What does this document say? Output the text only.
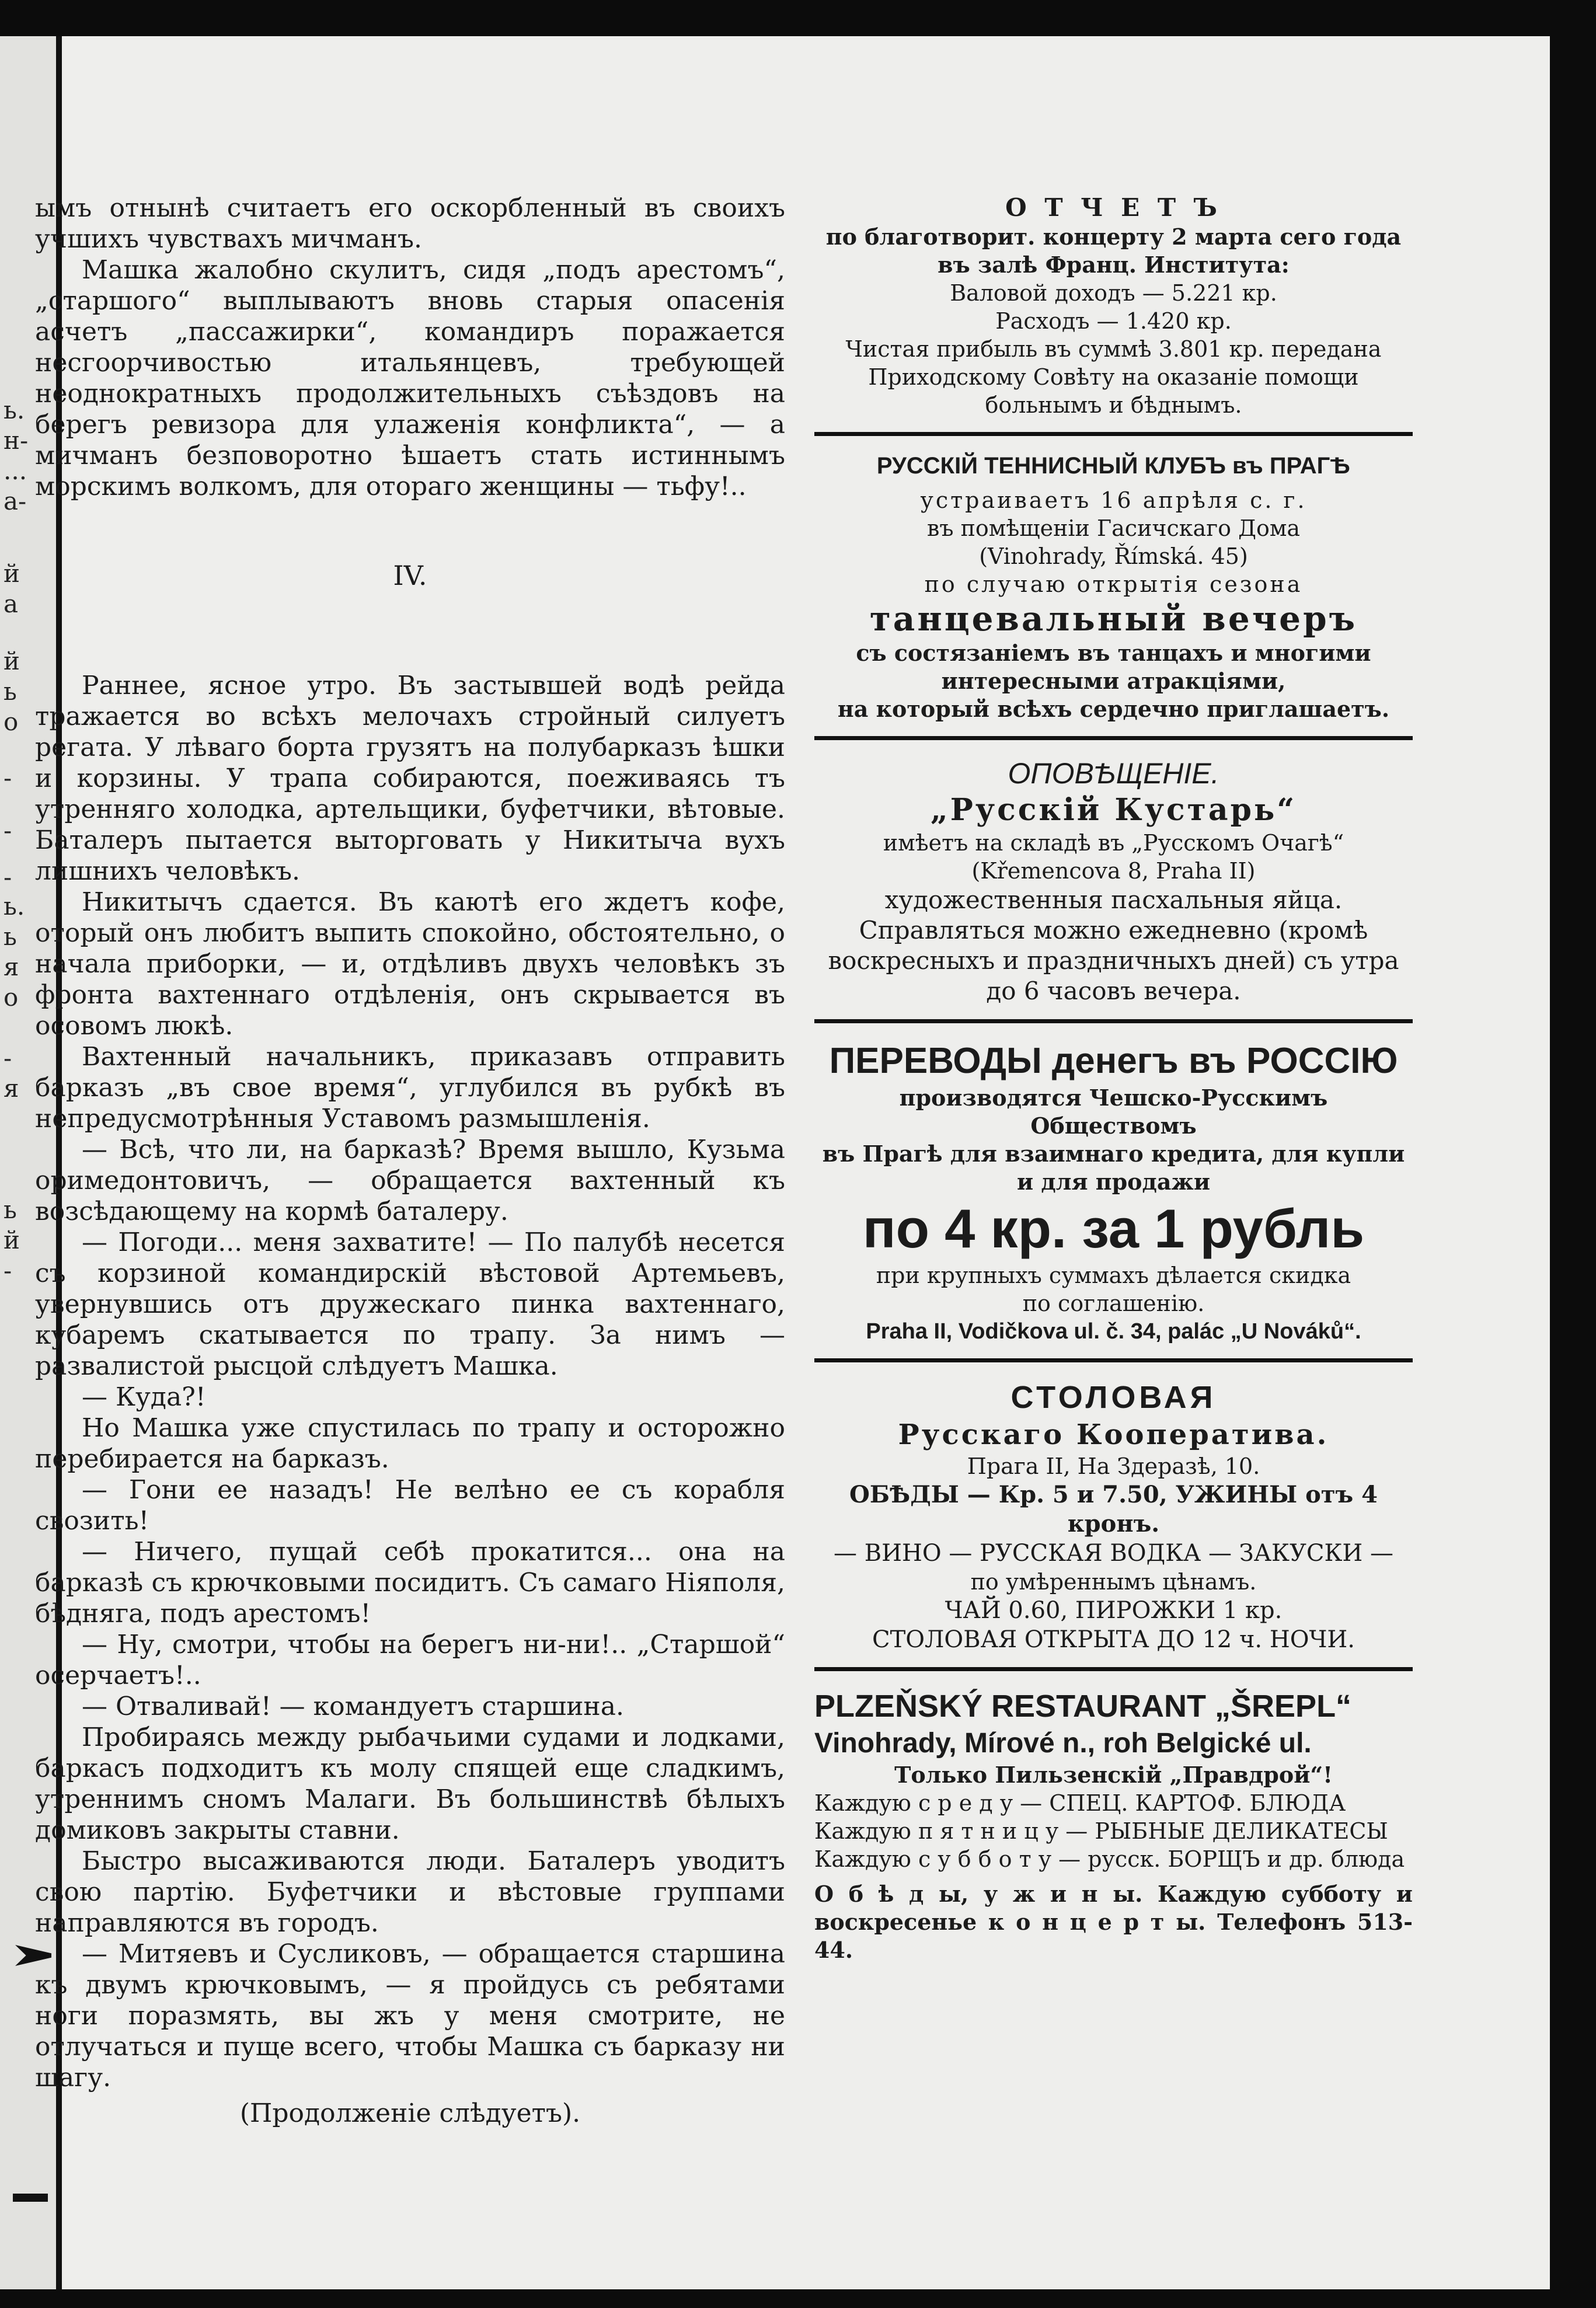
ь.
н-
...
а-
й
а
й
ь
о
-
-
-
ь.
ь
я
о
-
я
ь
й
-

ымъ отнынѣ считаетъ его оскорбленный въ своихъ учшихъ чувствахъ мичманъ.

Машка жалобно скулитъ, сидя „подъ арестомъ“, „старшого“ выплываютъ вновь старыя опасенія асчетъ „пассажирки“, командиръ поражается несгоорчивостью итальянцевъ, требующей неоднократныхъ продолжительныхъ съѣздовъ на берегъ ревизора для улаженія конфликта“, — а мичманъ безповоротно ѣшаетъ стать истиннымъ морскимъ волкомъ, для отораго женщины — тьфу!..

IV.

Раннее, ясное утро. Въ застывшей водѣ рейда тражается во всѣхъ мелочахъ стройный силуетъ регата. У лѣваго борта грузятъ на полубарказъ ѣшки и корзины. У трапа собираются, поеживаясь тъ утренняго холодка, артельщики, буфетчики, вѣтовые. Баталеръ пытается выторговать у Никитыча вухъ лишнихъ человѣкъ.

Никитычъ сдается. Въ каютѣ его ждетъ кофе, оторый онъ любитъ выпить спокойно, обстоятельно, о начала приборки, — и, отдѣливъ двухъ человѣкъ зъ фронта вахтеннаго отдѣленія, онъ скрывается въ осовомъ люкѣ.

Вахтенный начальникъ, приказавъ отправить барказъ „въ свое время“, углубился въ рубкѣ въ непредусмотрѣнныя Уставомъ размышленія.

— Всѣ, что ли, на барказѣ? Время вышло, Кузьма оримедонтовичъ, — обращается вахтенный къ возсѣдающему на кормѣ баталеру.

— Погоди... меня захватите! — По палубѣ несется съ корзиной командирскій вѣстовой Артемьевъ, увернувшись отъ дружескаго пинка вахтеннаго, кубаремъ скатывается по трапу. За нимъ — развалистой рысцой слѣдуетъ Машка.

— Куда?!

Но Машка уже спустилась по трапу и осторожно перебирается на барказъ.

— Гони ее назадъ! Не велѣно ее съ корабля свозить!

— Ничего, пущай себѣ прокатится... она на барказѣ съ крючковыми посидитъ. Съ самаго Ніяполя, бѣдняга, подъ арестомъ!

— Ну, смотри, чтобы на берегъ ни-ни!.. „Старшой“ осерчаетъ!..

— Отваливай! — командуетъ старшина.

Пробираясь между рыбачьими судами и лодками, баркасъ подходитъ къ молу спящей еще сладкимъ, утреннимъ сномъ Малаги. Въ большинствѣ бѣлыхъ домиковъ закрыты ставни.

Быстро высаживаются люди. Баталеръ уводитъ свою партію. Буфетчики и вѣстовые группами направляются въ городъ.

— Митяевъ и Сусликовъ, — обращается старшина къ двумъ крючковымъ, — я пройдусь съ ребятами ноги поразмять, вы жъ у меня смотрите, не отлучаться и пуще всего, чтобы Машка съ барказу ни шагу.

(Продолженіе слѣдуетъ).

О Т Ч Е Т Ъ
по благотворит. концерту 2 марта сего года
въ залѣ Франц. Института:
Валовой доходъ — 5.221 кр.
Расходъ — 1.420 кр.
Чистая прибыль въ суммѣ 3.801 кр. передана Приходскому Совѣту на оказаніе помощи больнымъ и бѣднымъ.
РУССКІЙ ТЕННИСНЫЙ КЛУБЪ въ ПРАГѢ
устраиваетъ 16 апрѣля с. г.
въ помѣщеніи Гасичскаго Дома
(Vinohrady, Římská. 45)
по случаю открытія сезона
танцевальный вечеръ
съ состязаніемъ въ танцахъ и многими
интересными атракціями,
на который всѣхъ сердечно приглашаетъ.
ОПОВѢЩЕНІЕ.
„Русскій Кустарь“
имѣетъ на складѣ въ „Русскомъ Очагѣ“
(Křemencova 8, Praha II)
художественныя пасхальныя яйца.
Справляться можно ежедневно (кромѣ воскресныхъ и праздничныхъ дней) съ утра до 6 часовъ вечера.
ПЕРЕВОДЫ денегъ въ РОССІЮ
производятся Чешско-Русскимъ Обществомъ
въ Прагѣ для взаимнаго кредита, для купли
и для продажи
по 4 кр. за 1 рубль
при крупныхъ суммахъ дѣлается скидка
по соглашенію.
Praha II, Vodičkova ul. č. 34, palác „U Nováků“.
СТОЛОВАЯ
Русскаго Кооператива.
Прага II, На Здеразѣ, 10.
ОБѢДЫ — Кр. 5 и 7.50, УЖИНЫ отъ 4 кронъ.
— ВИНО — РУССКАЯ ВОДКА — ЗАКУСКИ —
по умѣреннымъ цѣнамъ.
ЧАЙ 0.60, ПИРОЖКИ 1 кр.
СТОЛОВАЯ ОТКРЫТА ДО 12 ч. НОЧИ.
PLZEŇSKÝ RESTAURANT „ŠREPL“
Vinohrady, Mírové n., roh Belgické ul.
Только Пильзенскій „Правдрой“!
Каждую с р е д у — СПЕЦ. КАРТОФ. БЛЮДА
Каждую п я т н и ц у — РЫБНЫЕ ДЕЛИКАТЕСЫ
Каждую с у б б о т у — русск. БОРЩЪ и др. блюда
О б ѣ д ы, у ж и н ы. Каждую субботу и воскресенье к о н ц е р т ы. Телефонъ 513-44.
